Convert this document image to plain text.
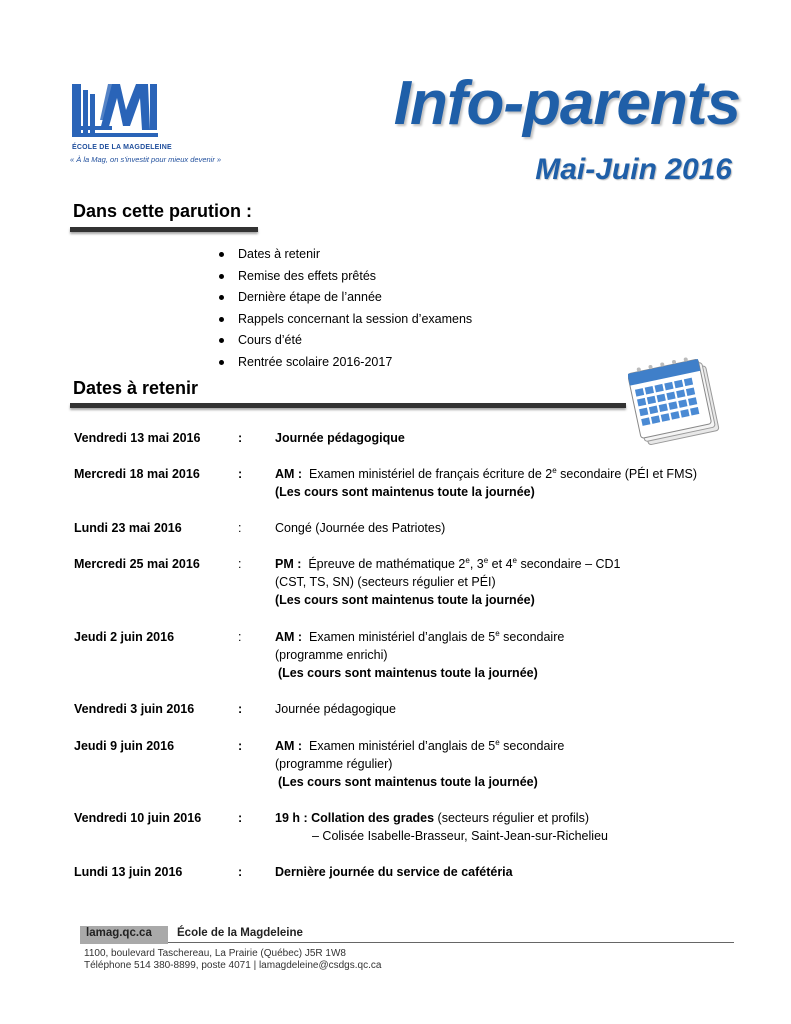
ÉCOLE DE LA MAGDELEINE
« À la Mag, on s'investit pour mieux devenir »
Info-parents
Mai-Juin 2016
Dans cette parution :
Dates à retenir
Remise des effets prêtés
Dernière étape de l’année
Rappels concernant la session d’examens
Cours d’été
Rentrée scolaire 2016-2017
Dates à retenir
Vendredi 13 mai 2016	:	Journée pédagogique
Mercredi 18 mai 2016	:	AM : Examen ministériel de français écriture de 2e secondaire (PÉI et FMS)
(Les cours sont maintenus toute la journée)
Lundi 23 mai 2016	:	Congé (Journée des Patriotes)
Mercredi 25 mai 2016	:	PM : Épreuve de mathématique 2e, 3e et 4e secondaire – CD1
(CST, TS, SN) (secteurs régulier et PÉI)
(Les cours sont maintenus toute la journée)
Jeudi 2 juin 2016	:	AM : Examen ministériel d’anglais de 5e secondaire
(programme enrichi)
(Les cours sont maintenus toute la journée)
Vendredi 3 juin 2016	:	Journée pédagogique
Jeudi 9 juin 2016	:	AM : Examen ministériel d’anglais de 5e secondaire
(programme régulier)
(Les cours sont maintenus toute la journée)
Vendredi 10 juin 2016	:	19 h : Collation des grades (secteurs régulier et profils)
– Colisée Isabelle-Brasseur, Saint-Jean-sur-Richelieu
Lundi 13 juin 2016	:	Dernière journée du service de cafétéria
lamag.qc.ca École de la Magdeleine
1100, boulevard Taschereau, La Prairie (Québec) J5R 1W8
Téléphone 514 380-8899, poste 4071 | lamagdeleine@csdgs.qc.ca
